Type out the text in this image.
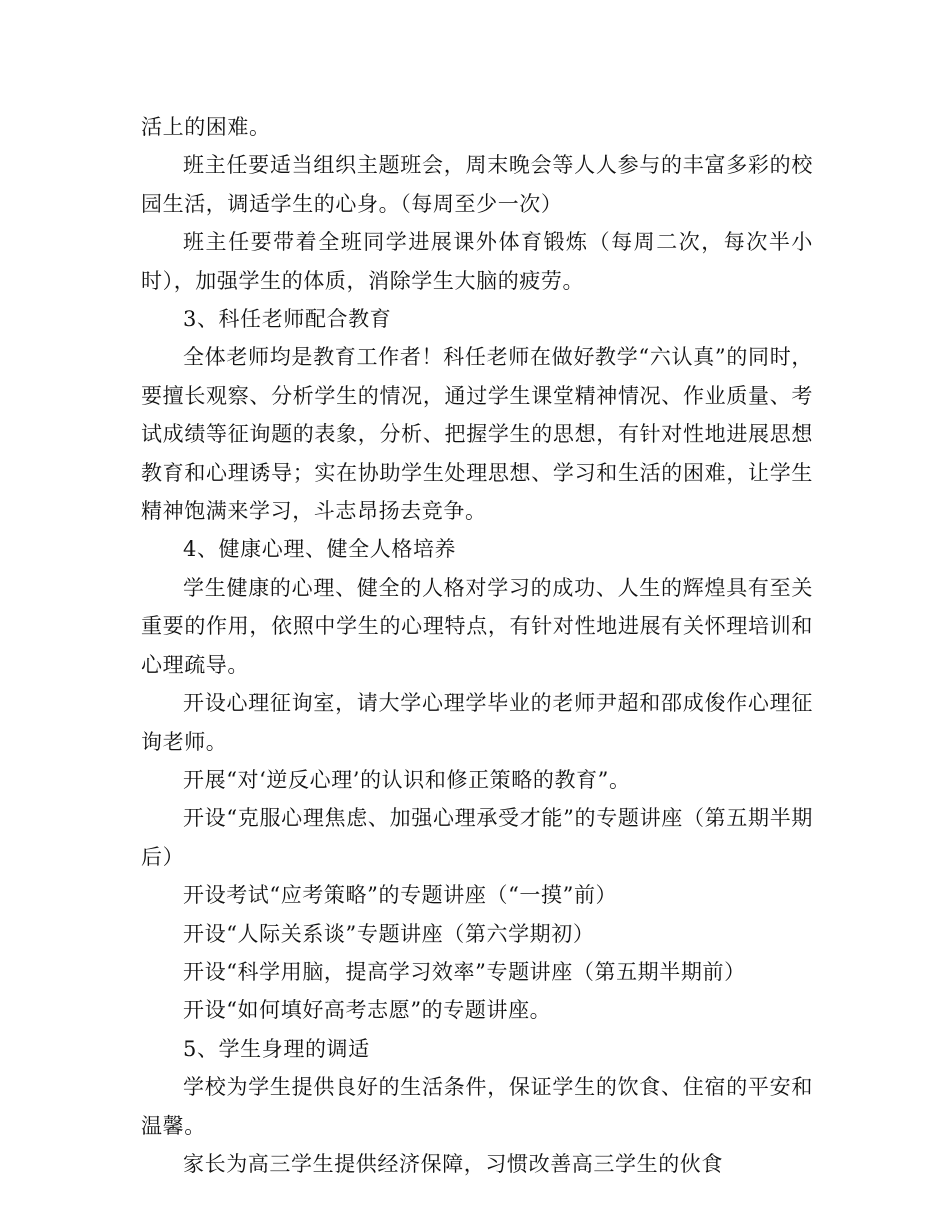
活上的困难。

班主任要适当组织主题班会，周末晚会等人人参与的丰富多彩的校园生活，调适学生的心身。（每周至少一次）

班主任要带着全班同学进展课外体育锻炼（每周二次，每次半小时），加强学生的体质，消除学生大脑的疲劳。

3、科任老师配合教育

全体老师均是教育工作者！科任老师在做好教学“六认真”的同时，要擅长观察、分析学生的情况，通过学生课堂精神情况、作业质量、考试成绩等征询题的表象，分析、把握学生的思想，有针对性地进展思想教育和心理诱导；实在协助学生处理思想、学习和生活的困难，让学生精神饱满来学习，斗志昂扬去竞争。

4、健康心理、健全人格培养

学生健康的心理、健全的人格对学习的成功、人生的辉煌具有至关重要的作用，依照中学生的心理特点，有针对性地进展有关怀理培训和心理疏导。

开设心理征询室，请大学心理学毕业的老师尹超和邵成俊作心理征询老师。

开展“对‘逆反心理’的认识和修正策略的教育”。

开设“克服心理焦虑、加强心理承受才能”的专题讲座（第五期半期后）

开设考试“应考策略”的专题讲座（“一摸”前）

开设“人际关系谈”专题讲座（第六学期初）

开设“科学用脑，提高学习效率”专题讲座（第五期半期前）

开设“如何填好高考志愿”的专题讲座。

5、学生身理的调适

学校为学生提供良好的生活条件，保证学生的饮食、住宿的平安和温馨。

家长为高三学生提供经济保障，习惯改善高三学生的伙食
